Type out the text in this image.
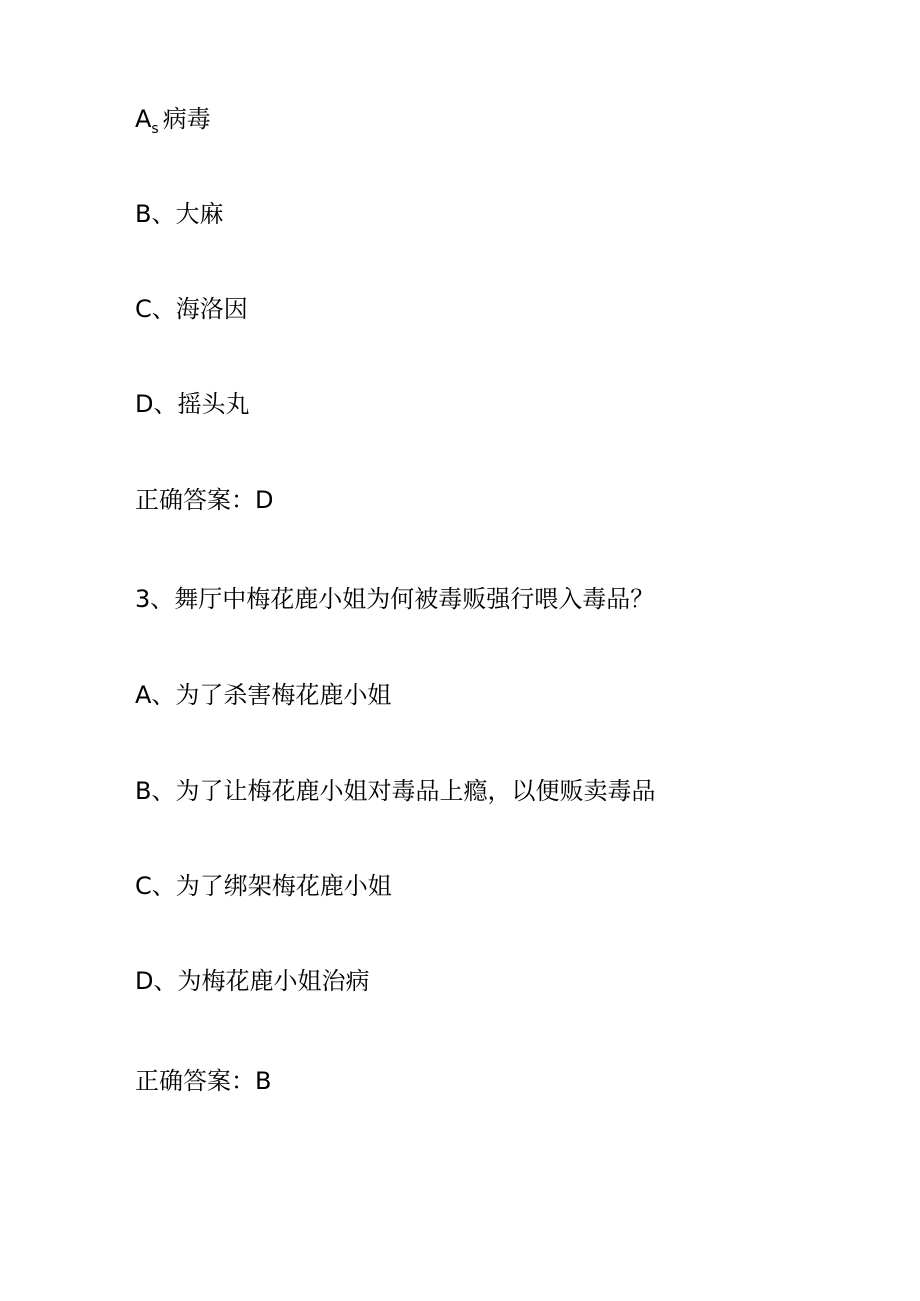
$A_s$ 病毒
B、大麻
C、海洛因
D、摇头丸
正确答案：D
3、舞厅中梅花鹿小姐为何被毒贩强行喂入毒品？
A、为了杀害梅花鹿小姐
B、为了让梅花鹿小姐对毒品上瘾，以便贩卖毒品
C、为了绑架梅花鹿小姐
D、为梅花鹿小姐治病
正确答案：B
